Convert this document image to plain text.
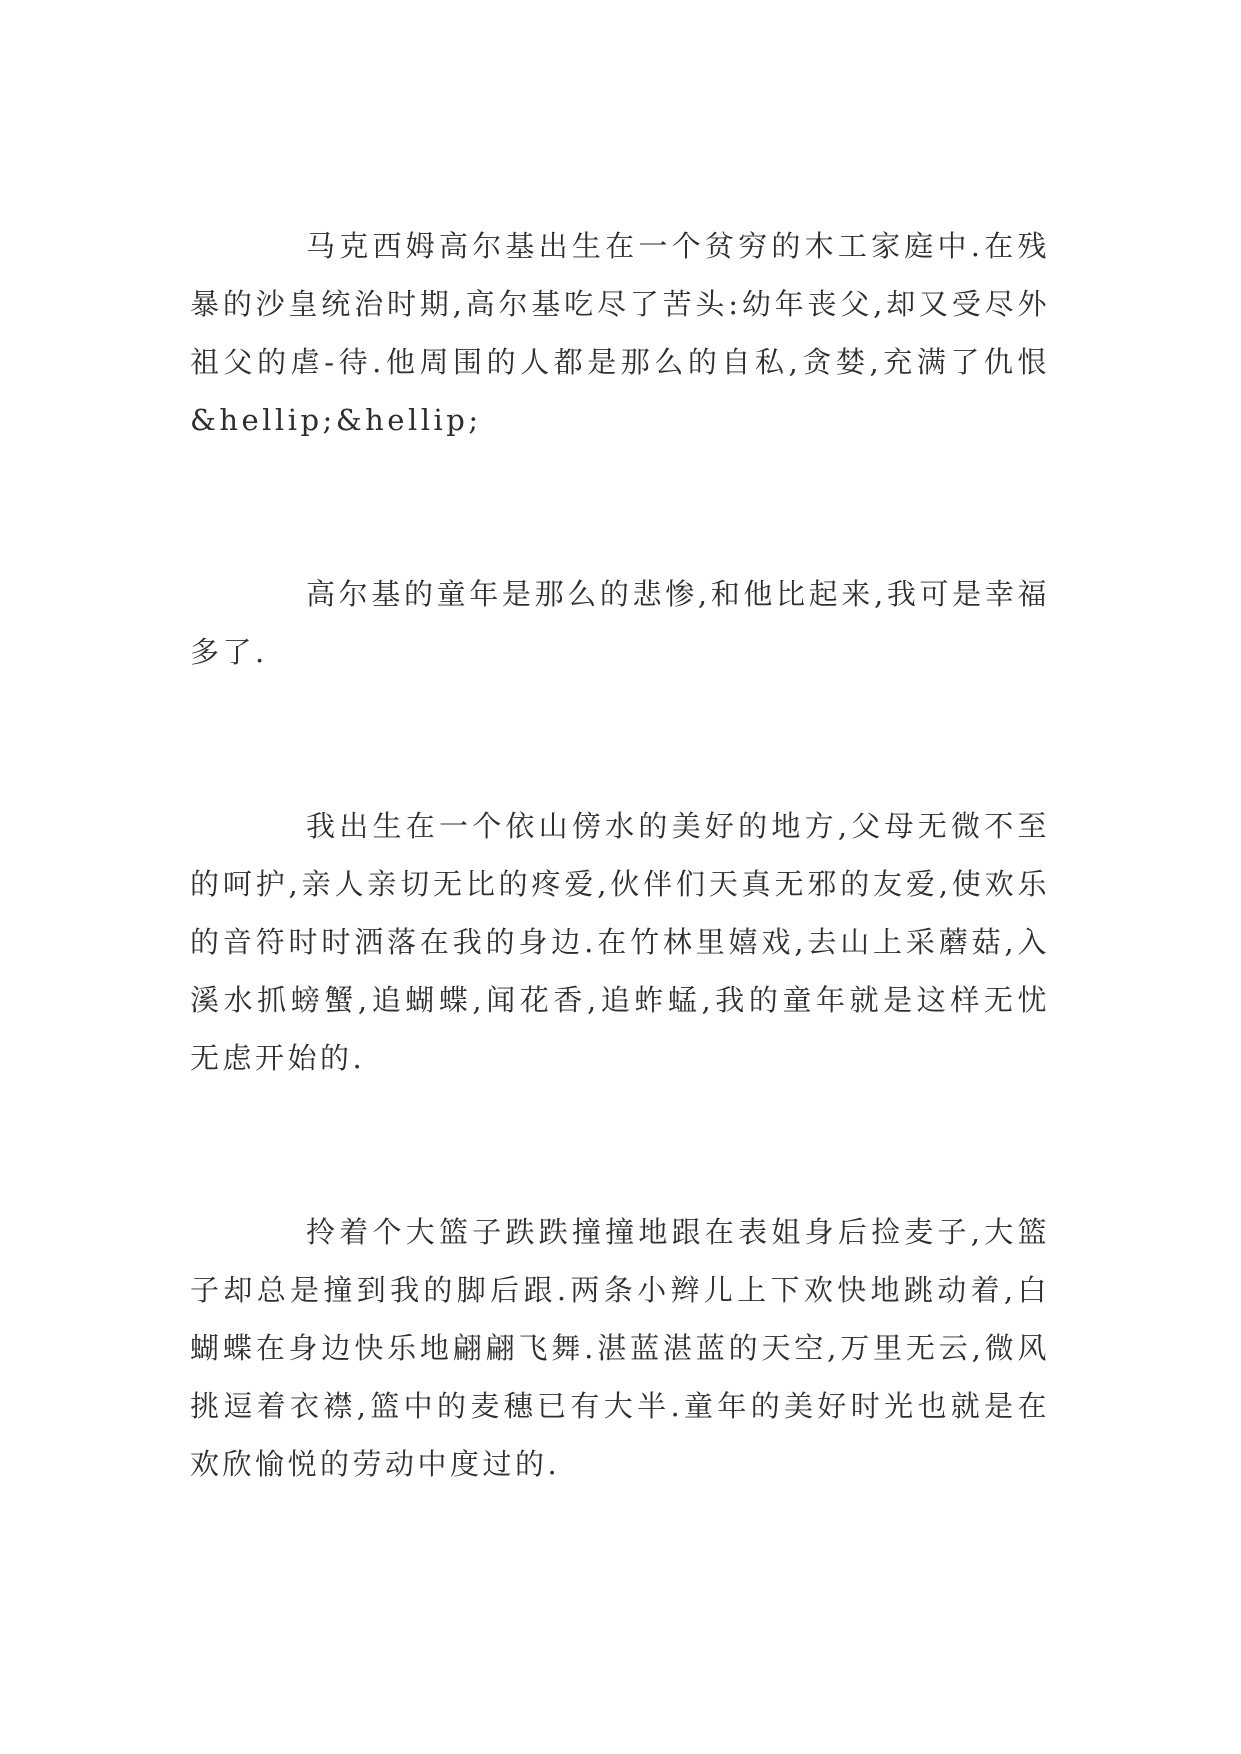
马克西姆高尔基出生在一个贫穷的木工家庭中.在残暴的沙皇统治时期,高尔基吃尽了苦头:幼年丧父,却又受尽外祖父的虐-待.他周围的人都是那么的自私,贪婪,充满了仇恨&hellip;&hellip;

高尔基的童年是那么的悲惨,和他比起来,我可是幸福多了.

我出生在一个依山傍水的美好的地方,父母无微不至的呵护,亲人亲切无比的疼爱,伙伴们天真无邪的友爱,使欢乐的音符时时洒落在我的身边.在竹林里嬉戏,去山上采蘑菇,入溪水抓螃蟹,追蝴蝶,闻花香,追蚱蜢,我的童年就是这样无忧无虑开始的.

拎着个大篮子跌跌撞撞地跟在表姐身后捡麦子,大篮子却总是撞到我的脚后跟.两条小辫儿上下欢快地跳动着,白蝴蝶在身边快乐地翩翩飞舞.湛蓝湛蓝的天空,万里无云,微风挑逗着衣襟,篮中的麦穗已有大半.童年的美好时光也就是在欢欣愉悦的劳动中度过的.
